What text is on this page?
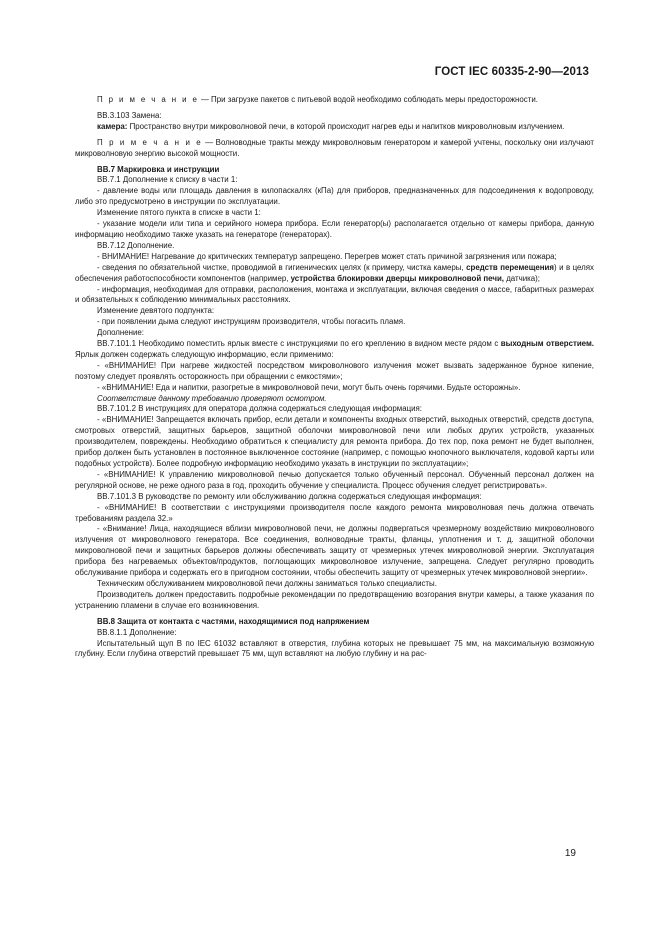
ГОСТ IEC 60335-2-90—2013

П р и м е ч а н и е — При загрузке пакетов с питьевой водой необходимо соблюдать меры предосторожности.

ВВ.3.103 Замена:

камера: Пространство внутри микроволновой печи, в которой происходит нагрев еды и напитков микроволновым излучением.

П р и м е ч а н и е — Волноводные тракты между микроволновым генератором и камерой учтены, поскольку они излучают микроволновую энергию высокой мощности.

ВВ.7 Маркировка и инструкции

ВВ.7.1 Дополнение к списку в части 1:

- давление воды или площадь давления в килопаскалях (кПа) для приборов, предназначенных для подсоединения к водопроводу, либо это предусмотрено в инструкции по эксплуатации.

Изменение пятого пункта в списке в части 1:

- указание модели или типа и серийного номера прибора. Если генератор(ы) располагается отдельно от камеры прибора, данную информацию необходимо также указать на генераторе (генераторах).

ВВ.7.12 Дополнение.

- ВНИМАНИЕ! Нагревание до критических температур запрещено. Перегрев может стать причиной загрязнения или пожара;

- сведения по обязательной чистке, проводимой в гигиенических целях (к примеру, чистка камеры, средств перемещения) и в целях обеспечения работоспособности компонентов (например, устройства блокировки дверцы микроволновой печи, датчика);

- информация, необходимая для отправки, расположения, монтажа и эксплуатации, включая сведения о массе, габаритных размерах и обязательных к соблюдению минимальных расстояниях.

Изменение девятого подпункта:

- при появлении дыма следуют инструкциям производителя, чтобы погасить пламя.

Дополнение:

ВВ.7.101.1 Необходимо поместить ярлык вместе с инструкциями по его креплению в видном месте рядом с выходным отверстием. Ярлык должен содержать следующую информацию, если применимо:

- «ВНИМАНИЕ! При нагреве жидкостей посредством микроволнового излучения может вызвать задержанное бурное кипение, поэтому следует проявлять осторожность при обращении с емкостями»;

- «ВНИМАНИЕ! Еда и напитки, разогретые в микроволновой печи, могут быть очень горячими. Будьте осторожны».

Соответствие данному требованию проверяют осмотром.

ВВ.7.101.2 В инструкциях для оператора должна содержаться следующая информация:

- «ВНИМАНИЕ! Запрещается включать прибор, если детали и компоненты входных отверстий, выходных отверстий, средств доступа, смотровых отверстий, защитных барьеров, защитной оболочки микроволновой печи или любых других устройств, указанных производителем, повреждены. Необходимо обратиться к специалисту для ремонта прибора. До тех пор, пока ремонт не будет выполнен, прибор должен быть установлен в постоянное выключенное состояние (например, с помощью кнопочного выключателя, кодовой карты или подобных устройств). Более подробную информацию необходимо указать в инструкции по эксплуатации»;

- «ВНИМАНИЕ! К управлению микроволновой печью допускается только обученный персонал. Обученный персонал должен на регулярной основе, не реже одного раза в год, проходить обучение у специалиста. Процесс обучения следует регистрировать».

ВВ.7.101.3 В руководстве по ремонту или обслуживанию должна содержаться следующая информация:

- «ВНИМАНИЕ! В соответствии с инструкциями производителя после каждого ремонта микроволновая печь должна отвечать требованиям раздела 32.»

- «Внимание! Лица, находящиеся вблизи микроволновой печи, не должны подвергаться чрезмерному воздействию микроволнового излучения от микроволнового генератора. Все соединения, волноводные тракты, фланцы, уплотнения и т. д. защитной оболочки микроволновой печи и защитных барьеров должны обеспечивать защиту от чрезмерных утечек микроволновой энергии. Эксплуатация прибора без нагреваемых объектов/продуктов, поглощающих микроволновое излучение, запрещена. Следует регулярно проводить обслуживание прибора и содержать его в пригодном состоянии, чтобы обеспечить защиту от чрезмерных утечек микроволновой энергии».

Техническим обслуживанием микроволновой печи должны заниматься только специалисты.

Производитель должен предоставить подробные рекомендации по предотвращению возгорания внутри камеры, а также указания по устранению пламени в случае его возникновения.

ВВ.8 Защита от контакта с частями, находящимися под напряжением

ВВ.8.1.1 Дополнение:

Испытательный щуп В по IEC 61032 вставляют в отверстия, глубина которых не превышает 75 мм, на максимальную возможную глубину. Если глубина отверстий превышает 75 мм, щуп вставляют на любую глубину и на рас-

19
